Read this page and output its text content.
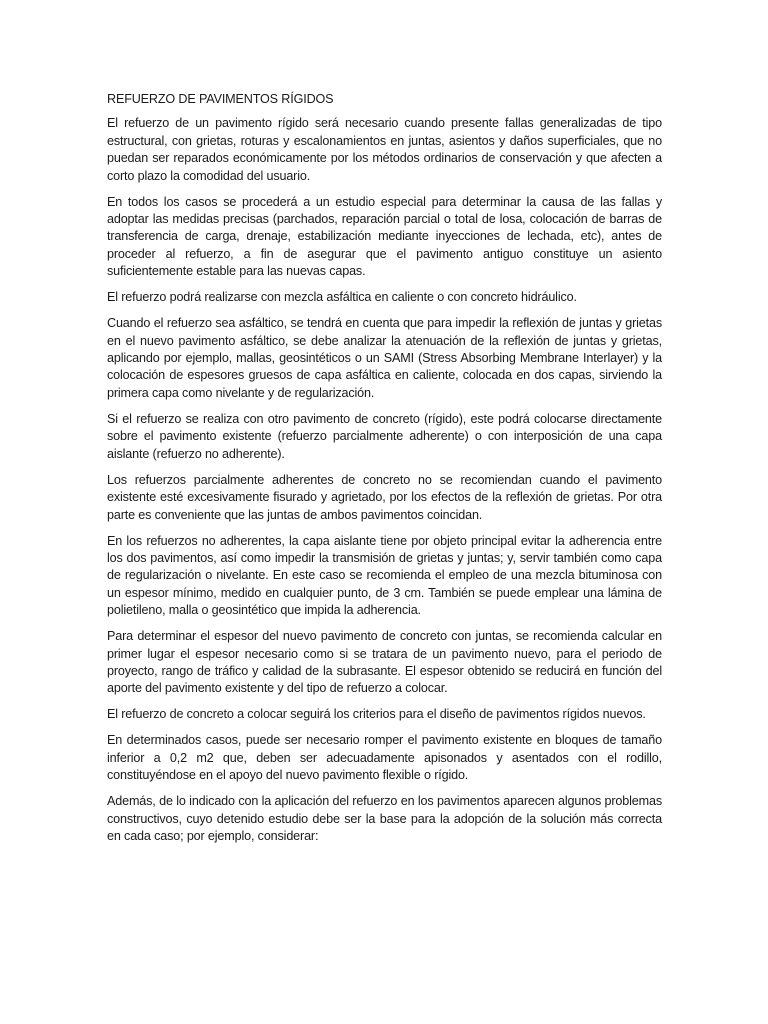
REFUERZO DE PAVIMENTOS RÍGIDOS

El refuerzo de un pavimento rígido será necesario cuando presente fallas generalizadas de tipo estructural, con grietas, roturas y escalonamientos en juntas, asientos y daños superficiales, que no puedan ser reparados económicamente por los métodos ordinarios de conservación y que afecten a corto plazo la comodidad del usuario.

En todos los casos se procederá a un estudio especial para determinar la causa de las fallas y adoptar las medidas precisas (parchados, reparación parcial o total de losa, colocación de barras de transferencia de carga, drenaje, estabilización mediante inyecciones de lechada, etc), antes de proceder al refuerzo, a fin de asegurar que el pavimento antiguo constituye un asiento suficientemente estable para las nuevas capas.

El refuerzo podrá realizarse con mezcla asfáltica en caliente o con concreto hidráulico.

Cuando el refuerzo sea asfáltico, se tendrá en cuenta que para impedir la reflexión de juntas y grietas en el nuevo pavimento asfáltico, se debe analizar la atenuación de la reflexión de juntas y grietas, aplicando por ejemplo, mallas, geosintéticos o un SAMI (Stress Absorbing Membrane Interlayer) y la colocación de espesores gruesos de capa asfáltica en caliente, colocada en dos capas, sirviendo la primera capa como nivelante y de regularización.

Si el refuerzo se realiza con otro pavimento de concreto (rígido), este podrá colocarse directamente sobre el pavimento existente (refuerzo parcialmente adherente) o con interposición de una capa aislante (refuerzo no adherente).

Los refuerzos parcialmente adherentes de concreto no se recomiendan cuando el pavimento existente esté excesivamente fisurado y agrietado, por los efectos de la reflexión de grietas. Por otra parte es conveniente que las juntas de ambos pavimentos coincidan.

En los refuerzos no adherentes, la capa aislante tiene por objeto principal evitar la adherencia entre los dos pavimentos, así como impedir la transmisión de grietas y juntas; y, servir también como capa de regularización o nivelante. En este caso se recomienda el empleo de una mezcla bituminosa con un espesor mínimo, medido en cualquier punto, de 3 cm. También se puede emplear una lámina de polietileno, malla o geosintético que impida la adherencia.

Para determinar el espesor del nuevo pavimento de concreto con juntas, se recomienda calcular en primer lugar el espesor necesario como si se tratara de un pavimento nuevo, para el periodo de proyecto, rango de tráfico y calidad de la subrasante. El espesor obtenido se reducirá en función del aporte del pavimento existente y del tipo de refuerzo a colocar.

El refuerzo de concreto a colocar seguirá los criterios para el diseño de pavimentos rígidos nuevos.

En determinados casos, puede ser necesario romper el pavimento existente en bloques de tamaño inferior a 0,2 m2 que, deben ser adecuadamente apisonados y asentados con el rodillo, constituyéndose en el apoyo del nuevo pavimento flexible o rígido.

Además, de lo indicado con la aplicación del refuerzo en los pavimentos aparecen algunos problemas constructivos, cuyo detenido estudio debe ser la base para la adopción de la solución más correcta en cada caso; por ejemplo, considerar:
